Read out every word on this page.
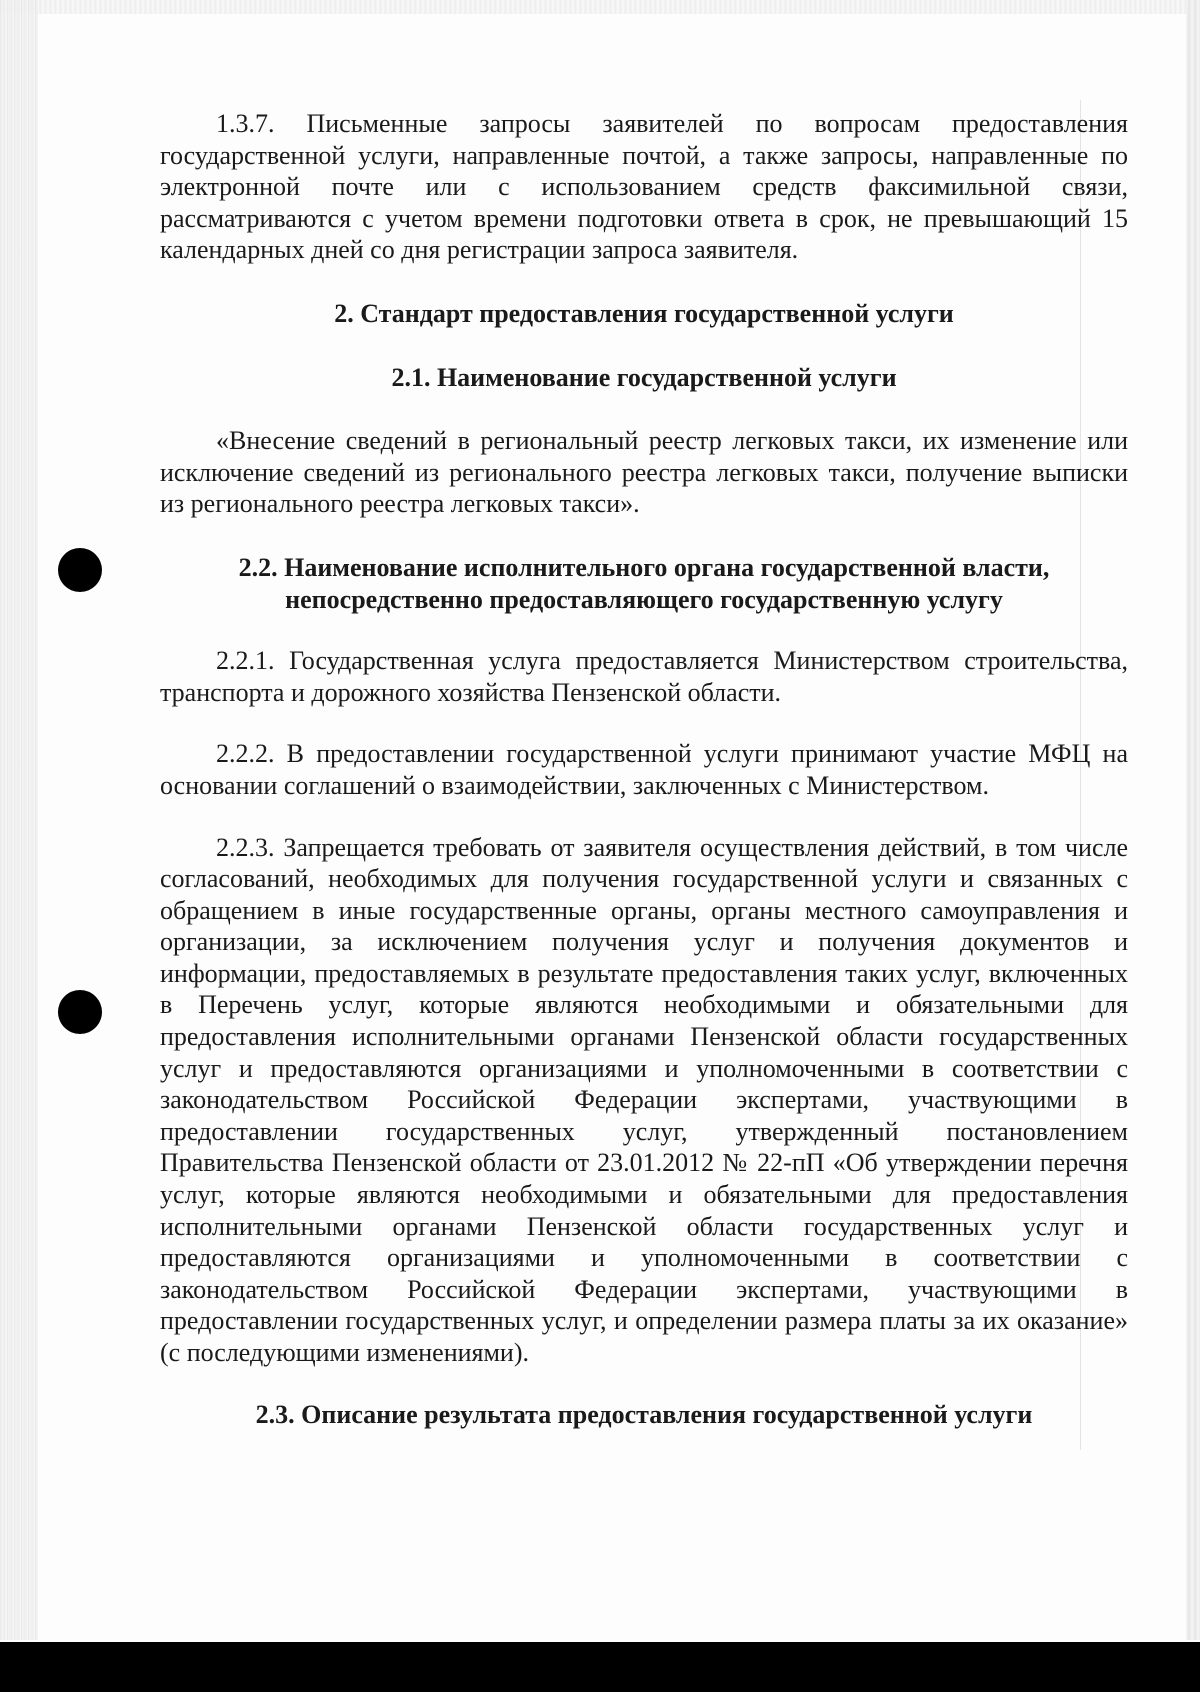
1.3.7. Письменные запросы заявителей по вопросам предоставления государственной услуги, направленные почтой, а также запросы, направленные по электронной почте или с использованием средств факсимильной связи, рассматриваются с учетом времени подготовки ответа в срок, не превышающий 15 календарных дней со дня регистрации запроса заявителя.

2. Стандарт предоставления государственной услуги

2.1. Наименование государственной услуги

«Внесение сведений в региональный реестр легковых такси, их изменение или исключение сведений из регионального реестра легковых такси, получение выписки из регионального реестра легковых такси».

2.2. Наименование исполнительного органа государственной власти,
непосредственно предоставляющего государственную услугу

2.2.1. Государственная услуга предоставляется Министерством строительства, транспорта и дорожного хозяйства Пензенской области.

2.2.2. В предоставлении государственной услуги принимают участие МФЦ на основании соглашений о взаимодействии, заключенных с Министерством.

2.2.3. Запрещается требовать от заявителя осуществления действий, в том числе согласований, необходимых для получения государственной услуги и связанных с обращением в иные государственные органы, органы местного самоуправления и организации, за исключением получения услуг и получения документов и информации, предоставляемых в результате предоставления таких услуг, включенных в Перечень услуг, которые являются необходимыми и обязательными для предоставления исполнительными органами Пензенской области государственных услуг и предоставляются организациями и уполномоченными в соответствии с законодательством Российской Федерации экспертами, участвующими в предоставлении государственных услуг, утвержденный постановлением Правительства Пензенской области от 23.01.2012 № 22-пП «Об утверждении перечня услуг, которые являются необходимыми и обязательными для предоставления исполнительными органами Пензенской области государственных услуг и предоставляются организациями и уполномоченными в соответствии с законодательством Российской Федерации экспертами, участвующими в предоставлении государственных услуг, и определении размера платы за их оказание» (с последующими изменениями).

2.3. Описание результата предоставления государственной услуги
